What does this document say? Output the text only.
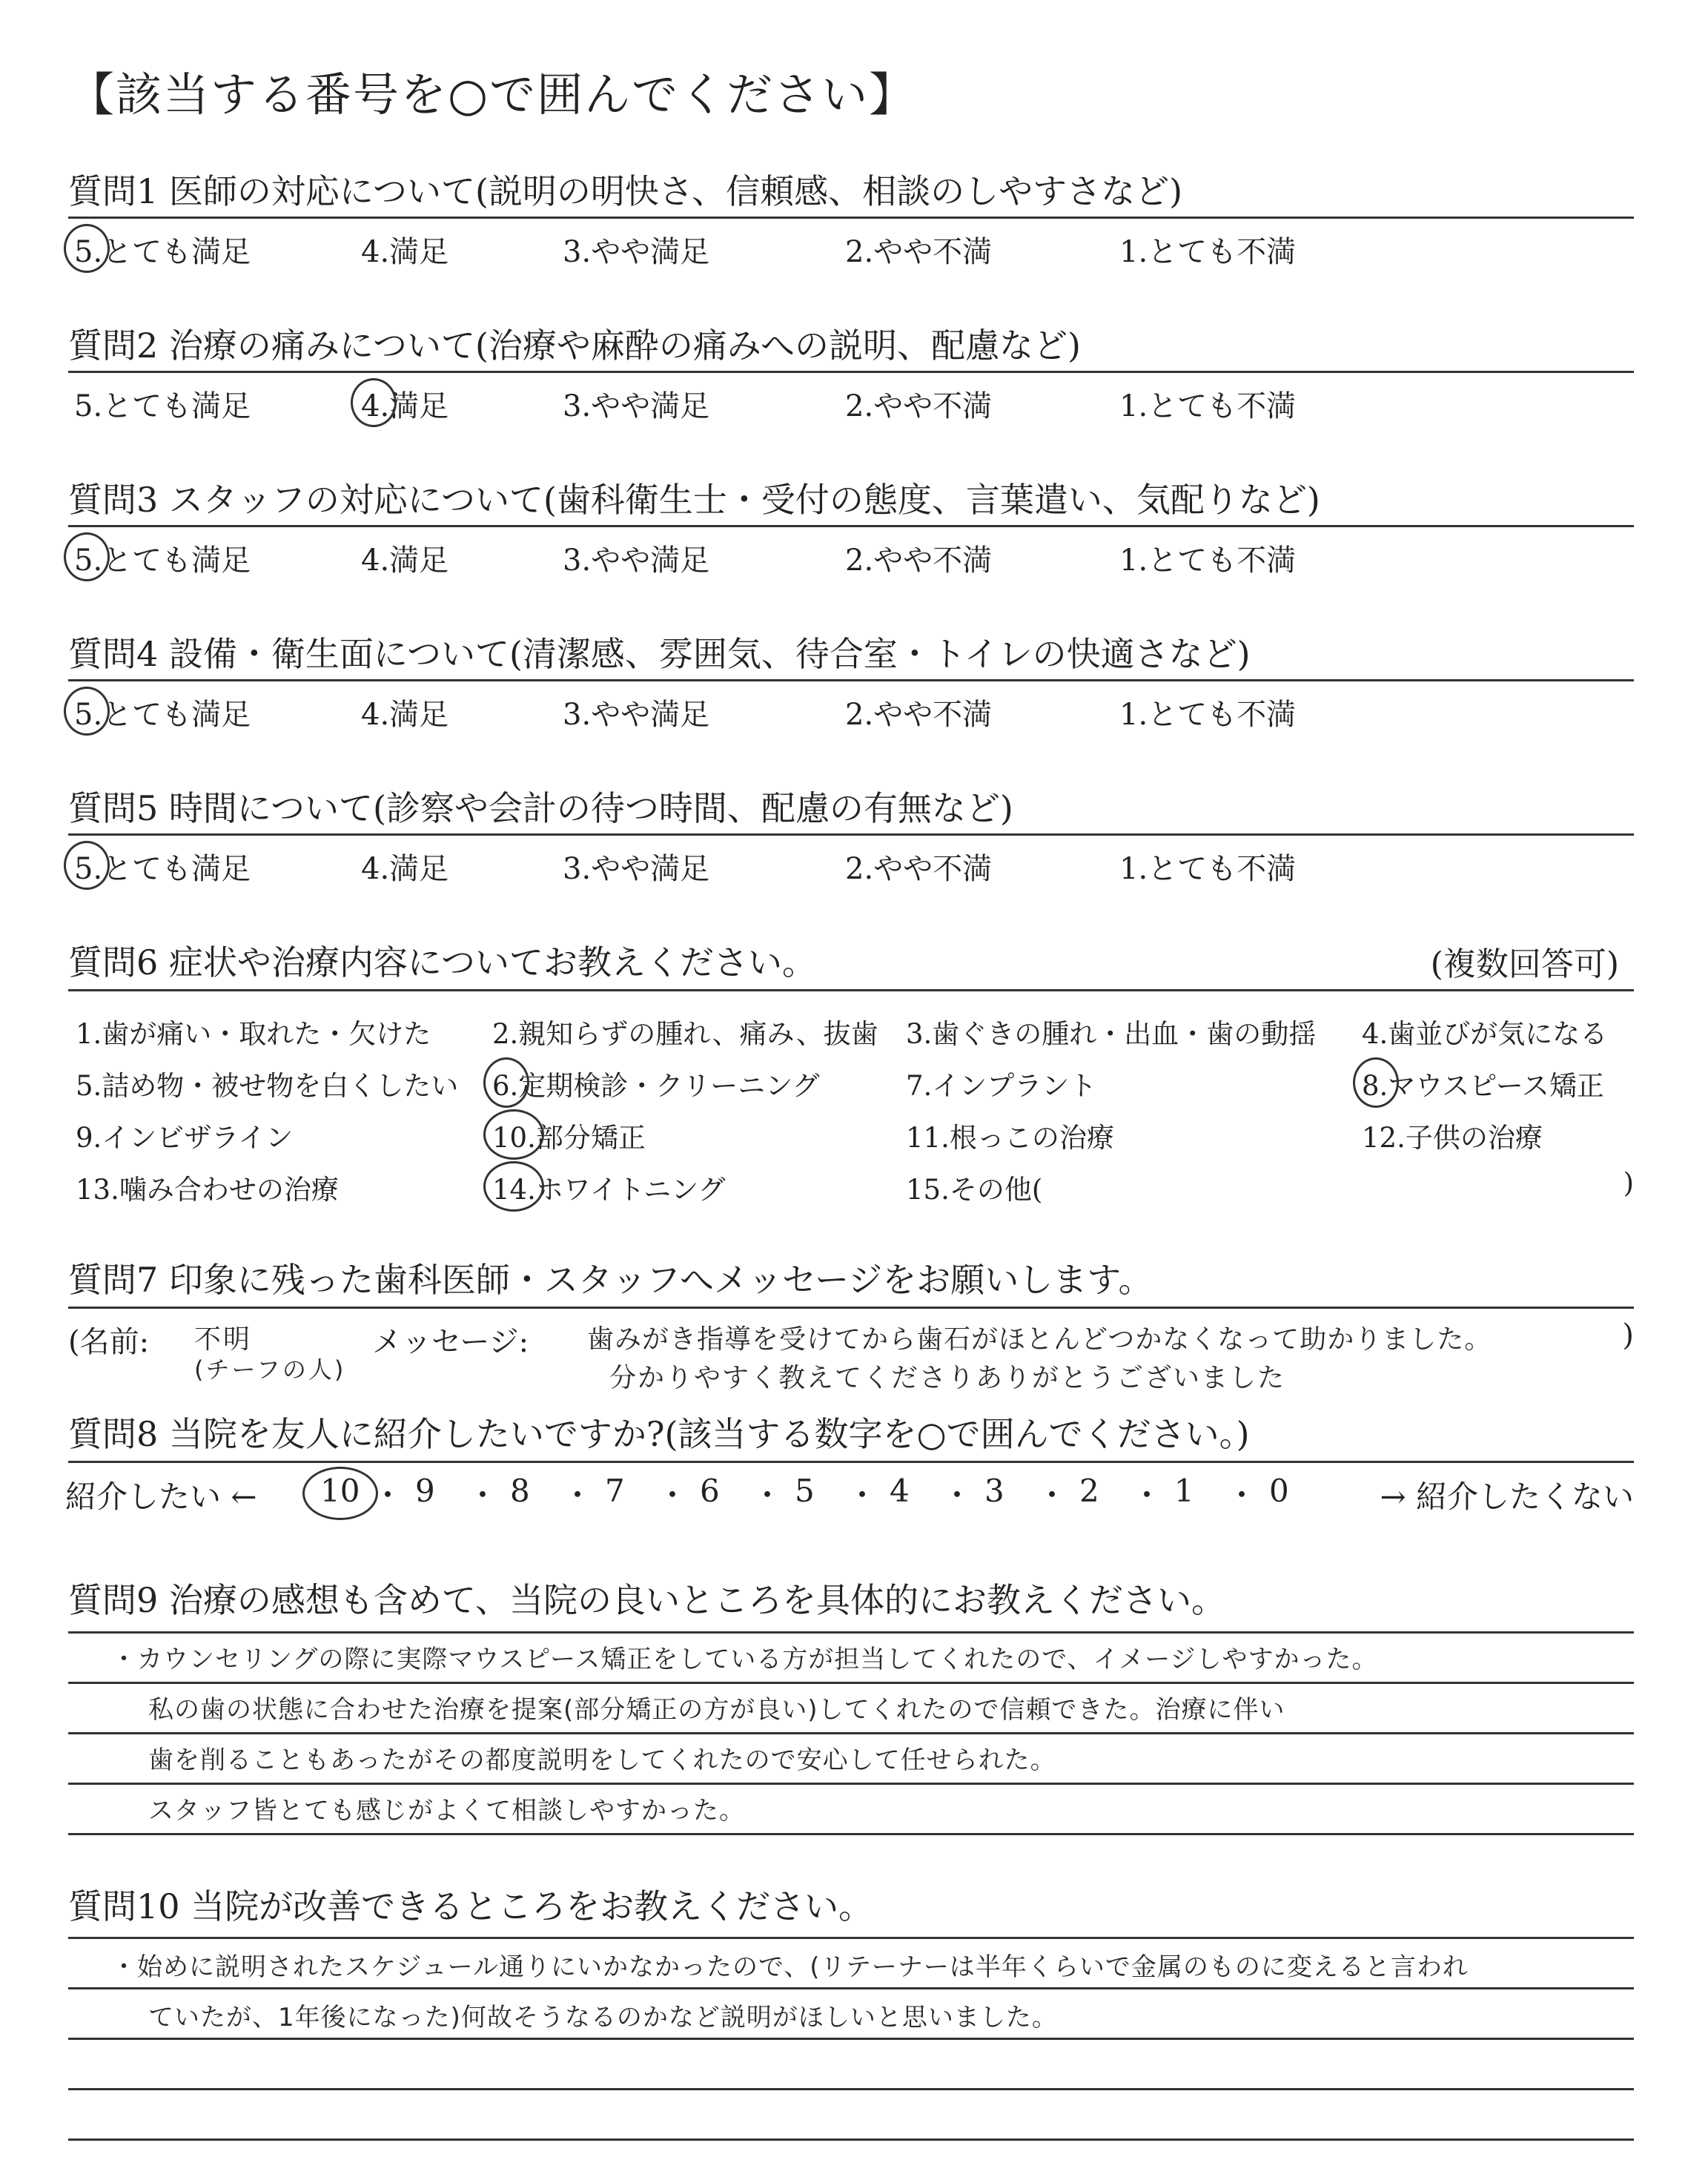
【該当する番号を○で囲んでください】
質問1 医師の対応について(説明の明快さ、信頼感、相談のしやすさなど)
5.とても満足	4.満足	3.やや満足	2.やや不満	1.とても不満
質問2 治療の痛みについて(治療や麻酔の痛みへの説明、配慮など)
5.とても満足	4.満足	3.やや満足	2.やや不満	1.とても不満
質問3 スタッフの対応について(歯科衛生士・受付の態度、言葉遣い、気配りなど)
5.とても満足	4.満足	3.やや満足	2.やや不満	1.とても不満
質問4 設備・衛生面について(清潔感、雰囲気、待合室・トイレの快適さなど)
5.とても満足	4.満足	3.やや満足	2.やや不満	1.とても不満
質問5 時間について(診察や会計の待つ時間、配慮の有無など)
5.とても満足	4.満足	3.やや満足	2.やや不満	1.とても不満
質問6 症状や治療内容についてお教えください。	(複数回答可)
1.歯が痛い・取れた・欠けた 2.親知らずの腫れ、痛み、抜歯 3.歯ぐきの腫れ・出血・歯の動揺 4.歯並びが気になる
5.詰め物・被せ物を白くしたい 6.定期検診・クリーニング	7.インプラント	8.マウスピース矯正
9.インビザライン	10.部分矯正	11.根っこの治療	12.子供の治療
13.噛み合わせの治療	14.ホワイトニング	15.その他(	)
質問7 印象に残った歯科医師・スタッフへメッセージをお願いします。
(名前: 不明
(チーフの人)
メッセージ: 歯みがき指導を受けてから歯石がほとんどつかなくなって助かりました。
分かりやすく教えてくださりありがとうございました
)
質問8 当院を友人に紹介したいですか?(該当する数字を○で囲んでください。)
紹介したい ← 10 ・ 9 ・ 8 ・ 7 ・ 6 ・ 5 ・ 4 ・ 3 ・ 2 ・ 1 ・ 0	→ 紹介したくない
質問9 治療の感想も含めて、当院の良いところを具体的にお教えください。
・カウンセリングの際に実際マウスピース矯正をしている方が担当してくれたので、イメージしやすかった。
私の歯の状態に合わせた治療を提案(部分矯正の方が良い)してくれたので信頼できた。治療に伴い
歯を削ることもあったがその都度説明をしてくれたので安心して任せられた。
スタッフ皆とても感じがよくて相談しやすかった。
質問10 当院が改善できるところをお教えください。
・始めに説明されたスケジュール通りにいかなかったので、(リテーナーは半年くらいで金属のものに変えると言われ
ていたが、1年後になった)何故そうなるのかなど説明がほしいと思いました。
